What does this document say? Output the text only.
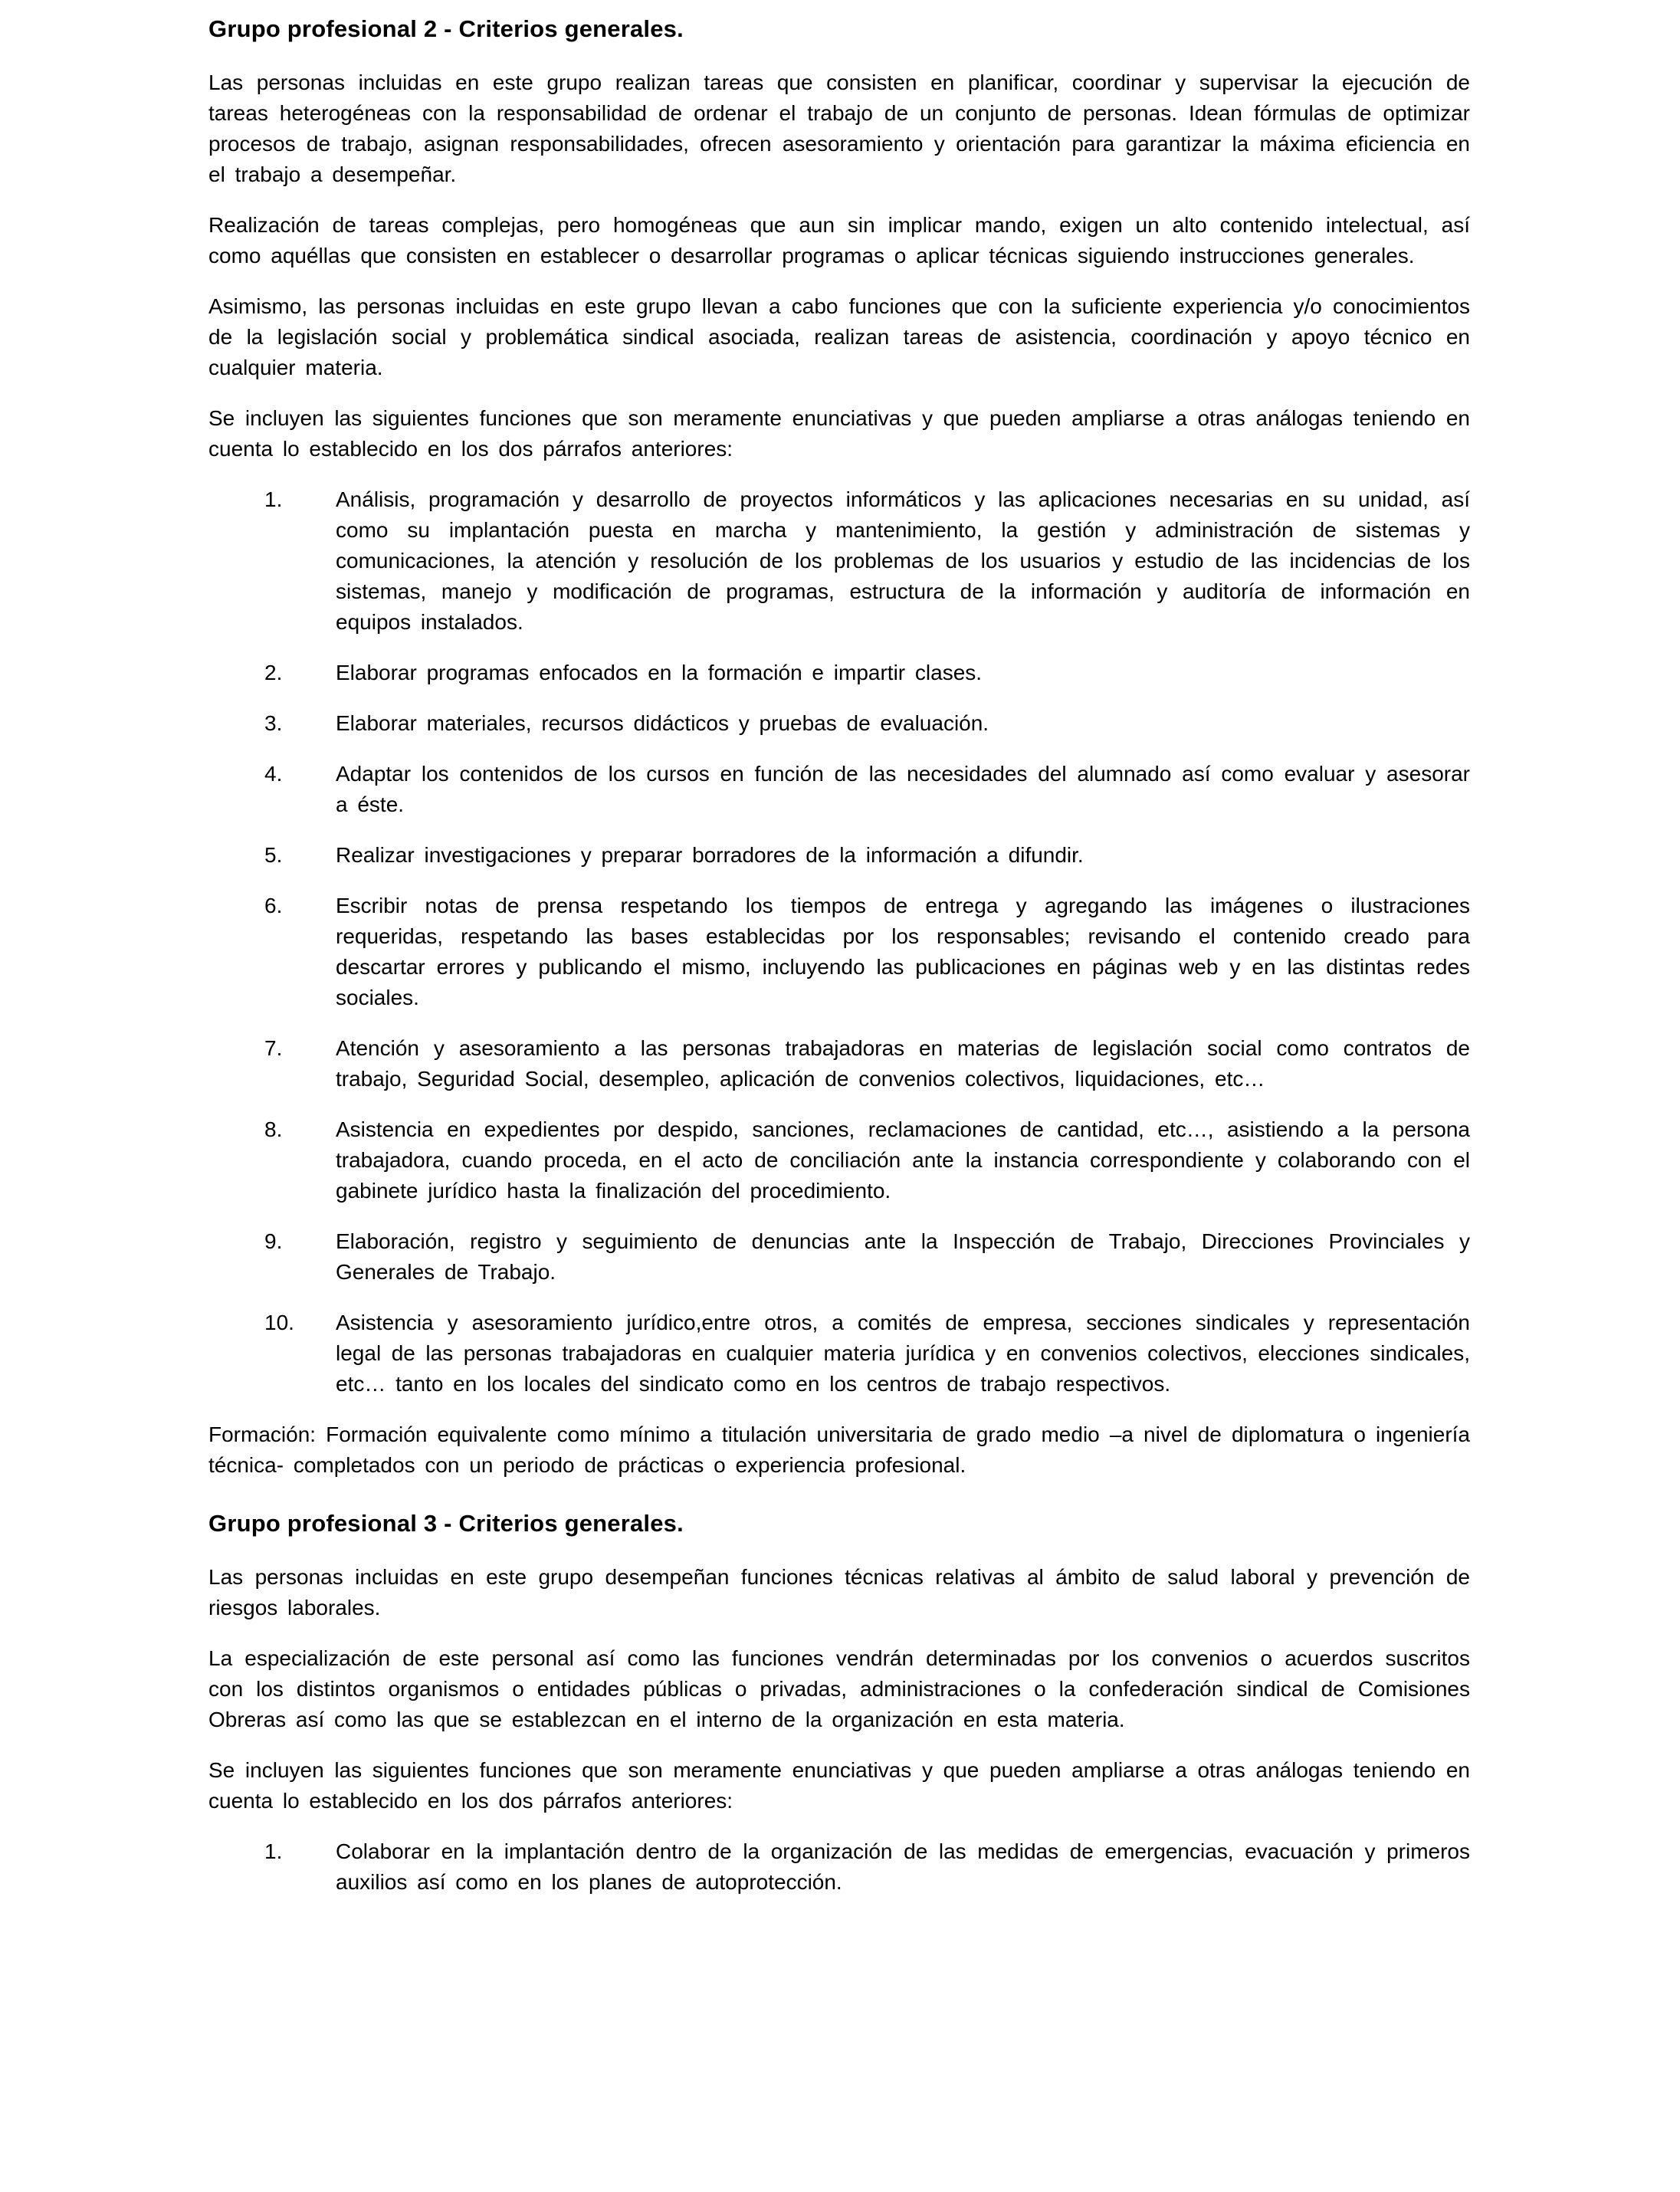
Grupo profesional 2 - Criterios generales.

Las personas incluidas en este grupo realizan tareas que consisten en planificar, coordinar y supervisar la ejecución de tareas heterogéneas con la responsabilidad de ordenar el trabajo de un conjunto de personas. Idean fórmulas de optimizar procesos de trabajo, asignan responsabilidades, ofrecen asesoramiento y orientación para garantizar la máxima eficiencia en el trabajo a desempeñar.

Realización de tareas complejas, pero homogéneas que aun sin implicar mando, exigen un alto contenido intelectual, así como aquéllas que consisten en establecer o desarrollar programas o aplicar técnicas siguiendo instrucciones generales.

Asimismo, las personas incluidas en este grupo llevan a cabo funciones que con la suficiente experiencia y/o conocimientos de la legislación social y problemática sindical asociada, realizan tareas de asistencia, coordinación y apoyo técnico en cualquier materia.

Se incluyen las siguientes funciones que son meramente enunciativas y que pueden ampliarse a otras análogas teniendo en cuenta lo establecido en los dos párrafos anteriores:

1.	Análisis, programación y desarrollo de proyectos informáticos y las aplicaciones necesarias en su unidad, así como su implantación puesta en marcha y mantenimiento, la gestión y administración de sistemas y comunicaciones, la atención y resolución de los problemas de los usuarios y estudio de las incidencias de los sistemas, manejo y modificación de programas, estructura de la información y auditoría de información en equipos instalados.
2.	Elaborar programas enfocados en la formación e impartir clases.
3.	Elaborar materiales, recursos didácticos y pruebas de evaluación.
4.	Adaptar los contenidos de los cursos en función de las necesidades del alumnado así como evaluar y asesorar a éste.
5.	Realizar investigaciones y preparar borradores de la información a difundir.
6.	Escribir notas de prensa respetando los tiempos de entrega y agregando las imágenes o ilustraciones requeridas, respetando las bases establecidas por los responsables; revisando el contenido creado para descartar errores y publicando el mismo, incluyendo las publicaciones en páginas web y en las distintas redes sociales.
7.	Atención y asesoramiento a las personas trabajadoras en materias de legislación social como contratos de trabajo, Seguridad Social, desempleo, aplicación de convenios colectivos, liquidaciones, etc…
8.	Asistencia en expedientes por despido, sanciones, reclamaciones de cantidad, etc…, asistiendo a la persona trabajadora, cuando proceda, en el acto de conciliación ante la instancia correspondiente y colaborando con el gabinete jurídico hasta la finalización del procedimiento.
9.	Elaboración, registro y seguimiento de denuncias ante la Inspección de Trabajo, Direcciones Provinciales y Generales de Trabajo.
10.	Asistencia y asesoramiento jurídico,entre otros, a comités de empresa, secciones sindicales y representación legal de las personas trabajadoras en cualquier materia jurídica y en convenios colectivos, elecciones sindicales, etc… tanto en los locales del sindicato como en los centros de trabajo respectivos.

Formación: Formación equivalente como mínimo a titulación universitaria de grado medio –a nivel de diplomatura o ingeniería técnica- completados con un periodo de prácticas o experiencia profesional.

Grupo profesional 3 - Criterios generales.

Las personas incluidas en este grupo desempeñan funciones técnicas relativas al ámbito de salud laboral y prevención de riesgos laborales.

La especialización de este personal así como las funciones vendrán determinadas por los convenios o acuerdos suscritos con los distintos organismos o entidades públicas o privadas, administraciones o la confederación sindical de Comisiones Obreras así como las que se establezcan en el interno de la organización en esta materia.

Se incluyen las siguientes funciones que son meramente enunciativas y que pueden ampliarse a otras análogas teniendo en cuenta lo establecido en los dos párrafos anteriores:

1.	Colaborar en la implantación dentro de la organización de las medidas de emergencias, evacuación y primeros auxilios así como en los planes de autoprotección.
